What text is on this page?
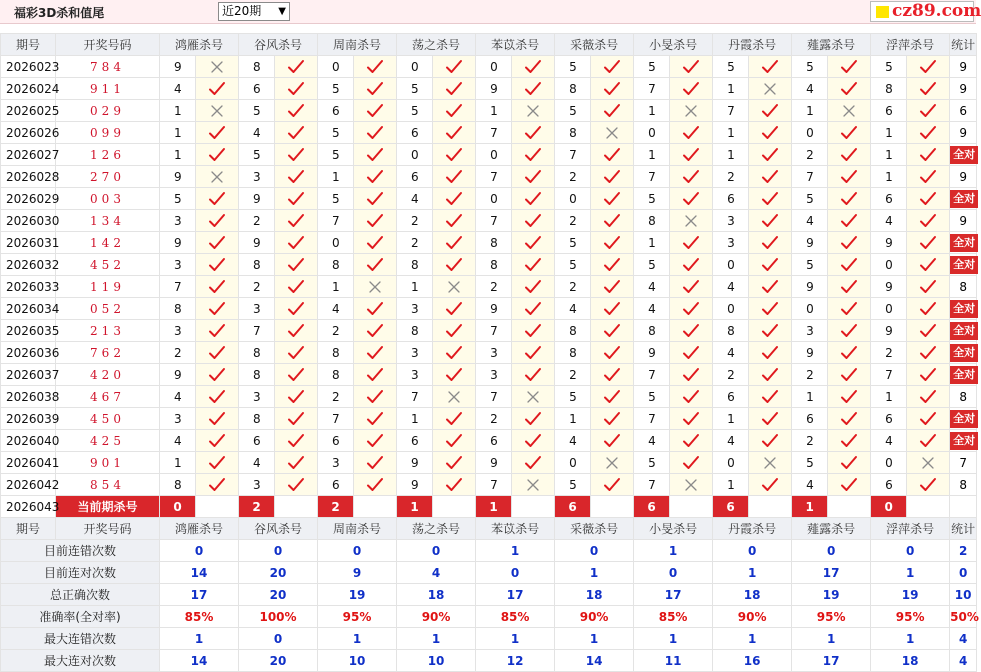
福彩3D杀和值尾	近20期 ▼	cz89.com
期号	开奖号码	鸿雁杀号		谷风杀号		周南杀号		荡之杀号		苯苡杀号		采薇杀号		小旻杀号		丹霞杀号		薤露杀号		浮萍杀号		统计
2026023	784	9		8		0		0		0		5		5		5		5		5		9
2026024	911	4		6		5		5		9		8		7		1		4		8		9
2026025	029	1		5		6		5		1		5		1		7		1		6		6
2026026	099	1		4		5		6		7		8		0		1		0		1		9
2026027	126	1		5		5		0		0		7		1		1		2		1		全对
2026028	270	9		3		1		6		7		2		7		2		7		1		9
2026029	003	5		9		5		4		0		0		5		6		5		6		全对
2026030	134	3		2		7		2		7		2		8		3		4		4		9
2026031	142	9		9		0		2		8		5		1		3		9		9		全对
2026032	452	3		8		8		8		8		5		5		0		5		0		全对
2026033	119	7		2		1		1		2		2		4		4		9		9		8
2026034	052	8		3		4		3		9		4		4		0		0		0		全对
2026035	213	3		7		2		8		7		8		8		8		3		9		全对
2026036	762	2		8		8		3		3		8		9		4		9		2		全对
2026037	420	9		8		8		3		3		2		7		2		2		7		全对
2026038	467	4		3		2		7		7		5		5		6		1		1		8
2026039	450	3		8		7		1		2		1		7		1		6		6		全对
2026040	425	4		6		6		6		6		4		4		4		2		4		全对
2026041	901	1		4		3		9		9		0		5		0		5		0		7
2026042	854	8		3		6		9		7		5		7		1		4		6		8
2026043	当前期杀号	0		2		2		1		1		6		6		6		1		0		
期号	开奖号码	鸿雁杀号		谷风杀号		周南杀号		荡之杀号		苯苡杀号		采薇杀号		小旻杀号		丹霞杀号		薤露杀号		浮萍杀号		统计
目前连错次数		0		0		0		0		1		0		1		0		0		0		2
目前连对次数		14		20		9		4		0		1		0		1		17		1		0
总正确次数		17		20		19		18		17		18		17		18		19		19		10
准确率(全对率)		85%		100%		95%		90%		85%		90%		85%		90%		95%		95%		50%
最大连错次数		1		0		1		1		1		1		1		1		1		1		4
最大连对次数		14		20		10		10		12		14		11		16		17		18		4
